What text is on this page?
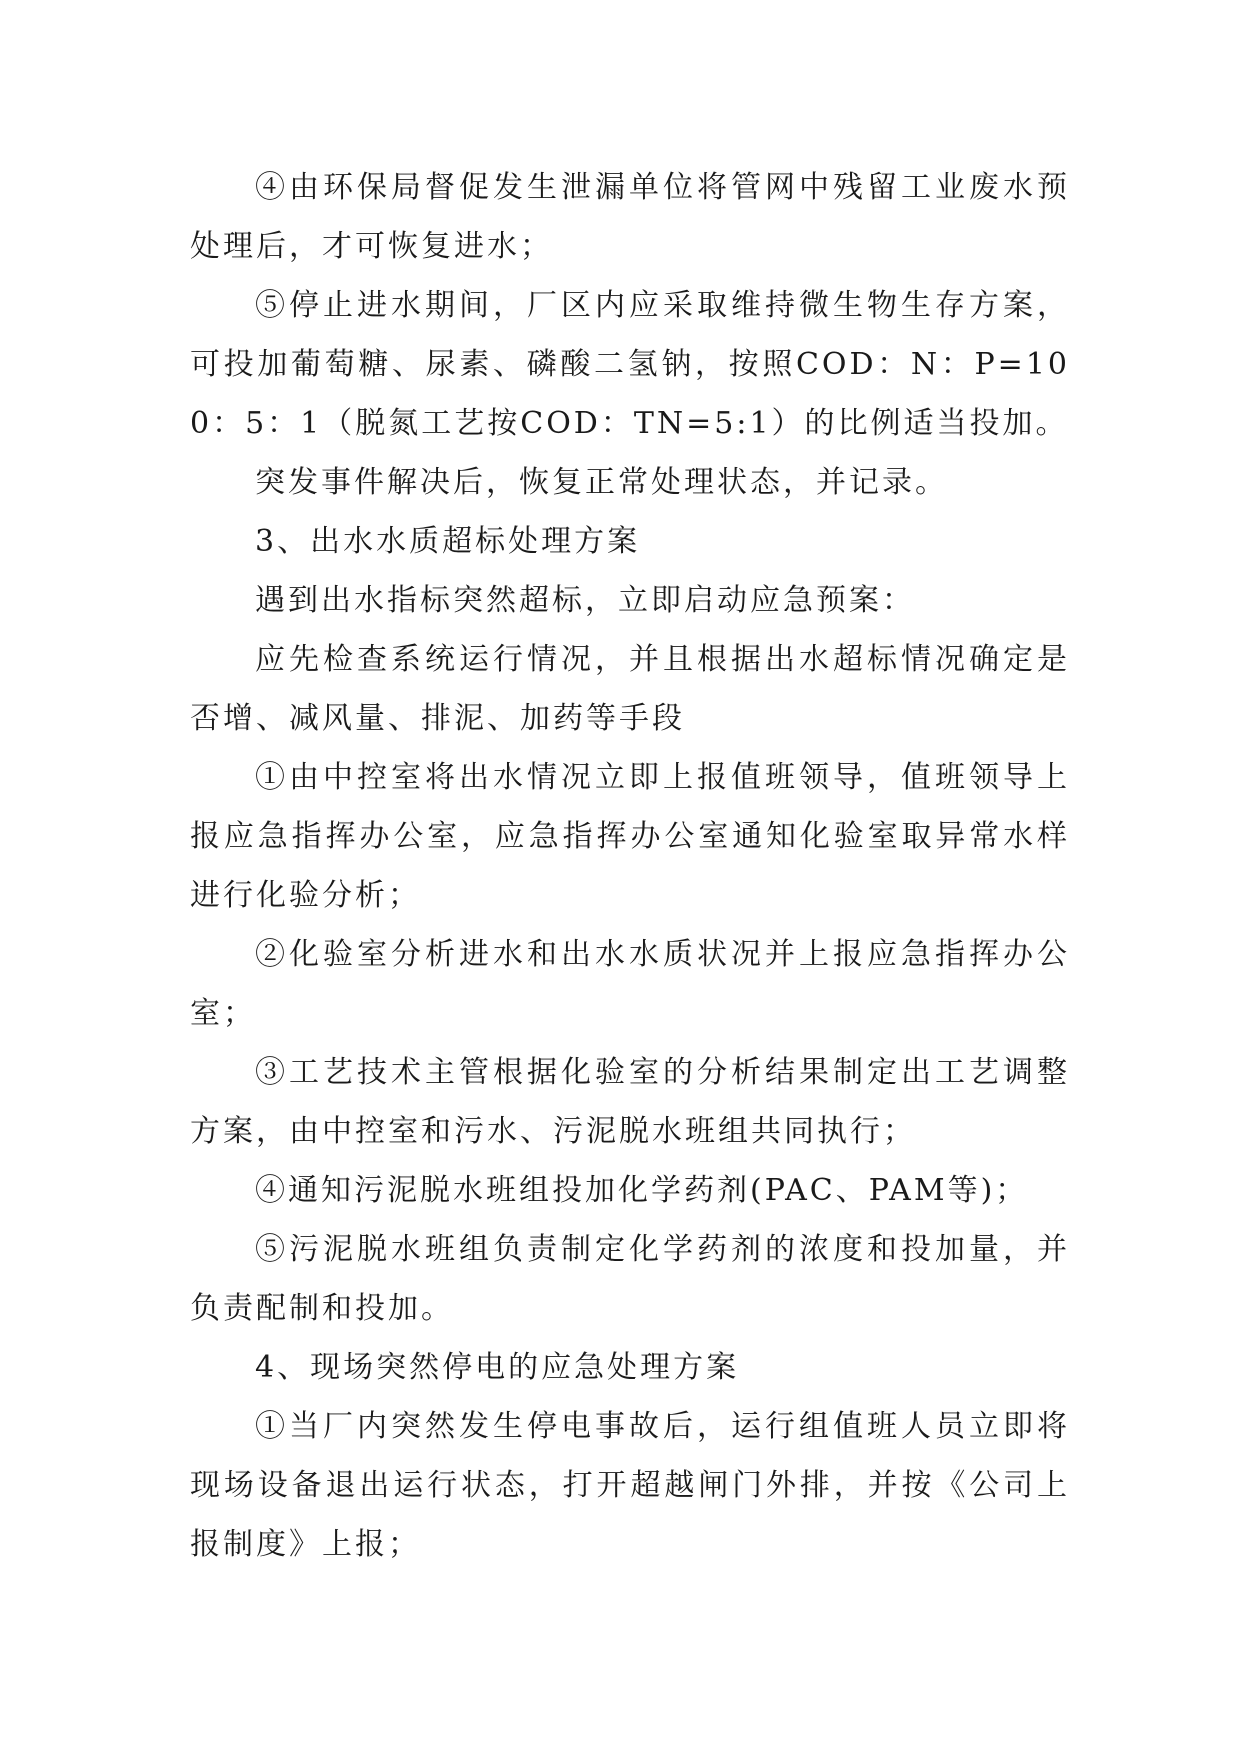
④由环保局督促发生泄漏单位将管网中残留工业废水预处理后，才可恢复进水；

⑤停止进水期间，厂区内应采取维持微生物生存方案，可投加葡萄糖、尿素、磷酸二氢钠，按照COD：N：P=100：5：1（脱氮工艺按COD：TN=5:1）的比例适当投加。

突发事件解决后，恢复正常处理状态，并记录。

3、出水水质超标处理方案

遇到出水指标突然超标，立即启动应急预案：

应先检查系统运行情况，并且根据出水超标情况确定是否增、减风量、排泥、加药等手段

①由中控室将出水情况立即上报值班领导，值班领导上报应急指挥办公室，应急指挥办公室通知化验室取异常水样进行化验分析；

②化验室分析进水和出水水质状况并上报应急指挥办公室；

③工艺技术主管根据化验室的分析结果制定出工艺调整方案，由中控室和污水、污泥脱水班组共同执行；

④通知污泥脱水班组投加化学药剂(PAC、PAM等)；

⑤污泥脱水班组负责制定化学药剂的浓度和投加量，并负责配制和投加。

4、现场突然停电的应急处理方案

①当厂内突然发生停电事故后，运行组值班人员立即将现场设备退出运行状态，打开超越闸门外排，并按《公司上报制度》上报；
